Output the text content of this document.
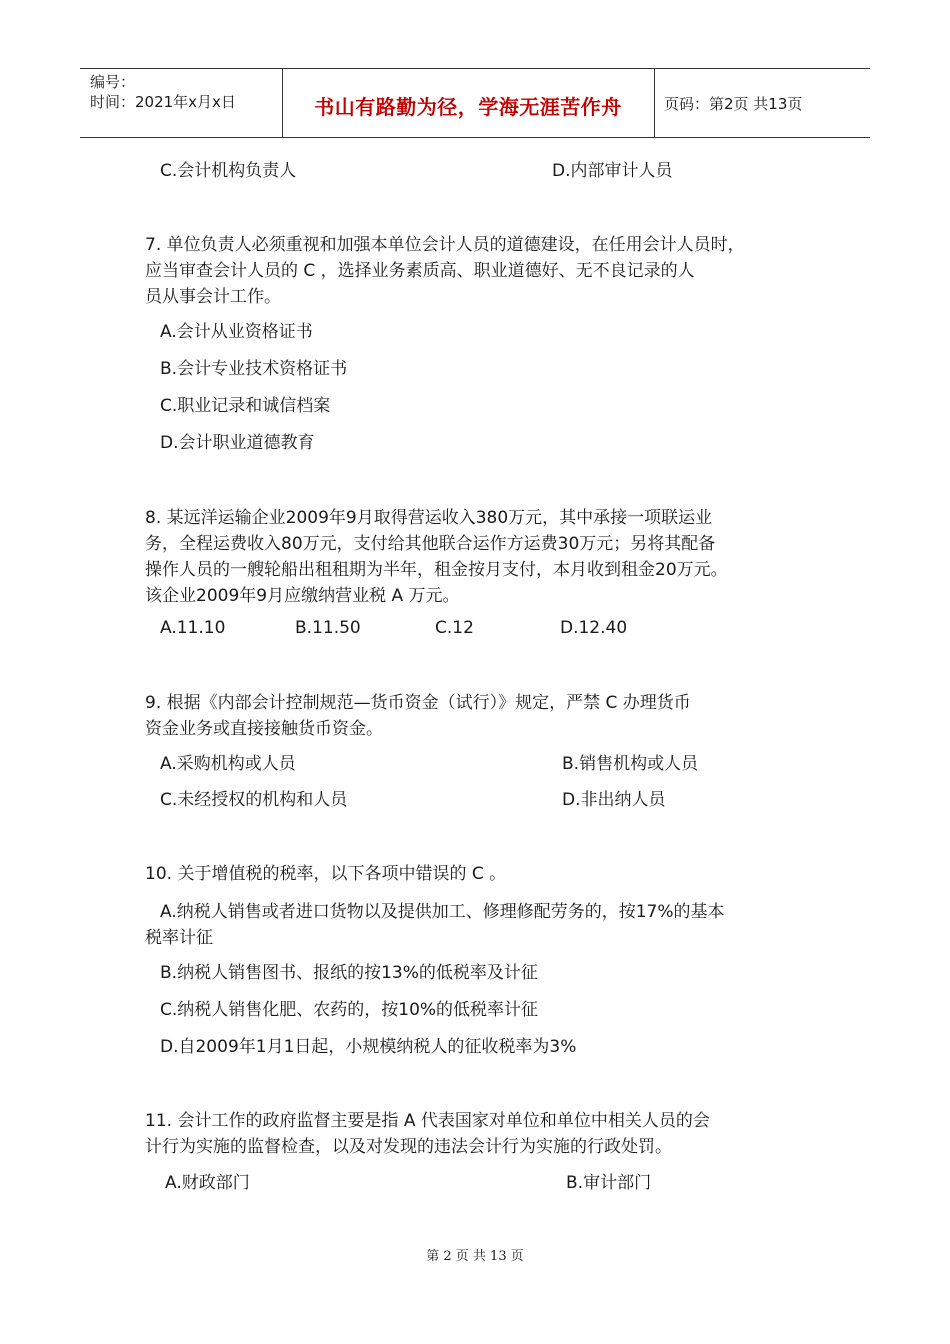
编号：
时间：2021年x月x日	书山有路勤为径，学海无涯苦作舟	页码：第2页 共13页
C.会计机构负责人	D.内部审计人员
7. 单位负责人必须重视和加强本单位会计人员的道德建设，在任用会计人员时，
应当审查会计人员的 C ，选择业务素质高、职业道德好、无不良记录的人
员从事会计工作。
A.会计从业资格证书
B.会计专业技术资格证书
C.职业记录和诚信档案
D.会计职业道德教育
8. 某远洋运输企业2009年9月取得营运收入380万元，其中承接一项联运业
务，全程运费收入80万元，支付给其他联合运作方运费30万元；另将其配备
操作人员的一艘轮船出租租期为半年，租金按月支付，本月收到租金20万元。
该企业2009年9月应缴纳营业税 A 万元。
A.11.10	B.11.50	C.12	D.12.40
9. 根据《内部会计控制规范—货币资金（试行）》规定，严禁 C 办理货币
资金业务或直接接触货币资金。
A.采购机构或人员	B.销售机构或人员
C.未经授权的机构和人员	D.非出纳人员
10. 关于增值税的税率，以下各项中错误的 C 。
A.纳税人销售或者进口货物以及提供加工、修理修配劳务的，按17%的基本
税率计征
B.纳税人销售图书、报纸的按13%的低税率及计征
C.纳税人销售化肥、农药的，按10%的低税率计征
D.自2009年1月1日起，小规模纳税人的征收税率为3%
11. 会计工作的政府监督主要是指 A 代表国家对单位和单位中相关人员的会
计行为实施的监督检查，以及对发现的违法会计行为实施的行政处罚。
A.财政部门	B.审计部门
第 2 页 共 13 页
